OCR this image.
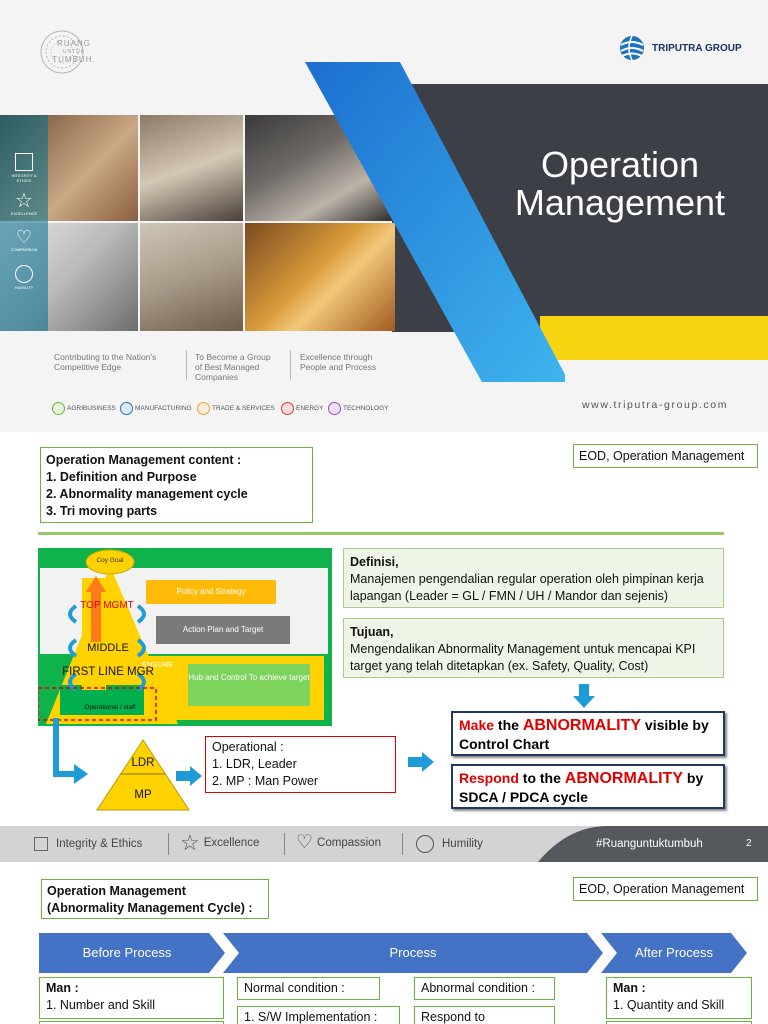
RUANG
UNTUK
TUMBUH.
TRIPUTRA GROUP
INTEGRITY & ETHICS
☆
EXCELLENCE
♡
COMPASSION
HUMILITY
Operation
Management
Contributing to the Nation's
Competitive Edge
To Become a Group
of Best Managed
Companies
Excellence through
People and Process
AGRIBUSINESS	MANUFACTURING	TRADE & SERVICES	ENERGY	TECHNOLOGY	www.triputra-group.com
Operation Management content :
1. Definition and Purpose
2. Abnormality management cycle
3. Tri moving parts
EOD, Operation Management
Coy Goal
TOP MGMT
MIDDLE
FIRST LINE MGR
Operational / staff
Policy and Strategy
Action Plan and Target
ENSURE
Hub and Control To achieve target
LDR
MP
Operational :
1. LDR, Leader
2. MP : Man Power
Definisi,
Manajemen pengendalian regular operation oleh pimpinan kerja lapangan (Leader = GL / FMN / UH / Mandor dan sejenis)
Tujuan,
Mengendalikan Abnormality Management untuk mencapai KPI target yang telah ditetapkan (ex. Safety, Quality, Cost)
Make the ABNORMALITY visible by
Control Chart
Respond to the ABNORMALITY by
SDCA / PDCA cycle
Integrity & Ethics ☆ Excellence ♡ Compassion	Humility	#Ruanguntuktumbuh	2
Operation Management
(Abnormality Management Cycle) :
EOD, Operation Management
Before Process	Process	After Process
Man :
1. Number and Skill
Normal condition :	Abnormal condition :	Man :
1. Quantity and Skill
1. S/W Implementation :	Respond to
